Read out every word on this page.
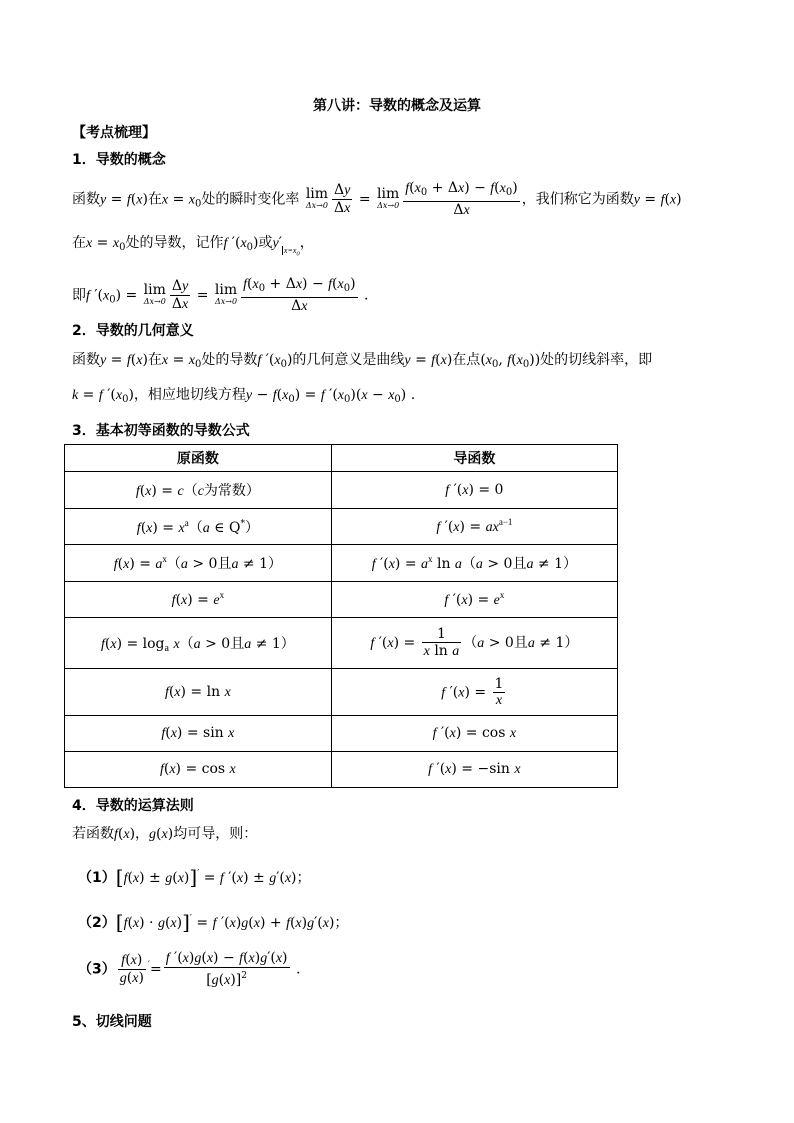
第八讲：导数的概念及运算
【考点梳理】
1．导数的概念
函数y = f(x)在$x = x_0$处的瞬时变化率 lim
$\Delta x\to 0 \frac{\Delta y}{\Delta x} = \lim$
$\Delta x\to 0 \frac{f(x_0 + \Delta x) - f(x_0)}{\Delta x}$ ，我们称它为函数y = f(x)
在$x = x_0$处的导数，记作f $'(x_0)$或y′ $_{x=x_0}$，
即f $'(x_0) = \lim$
$\Delta x\to 0 \frac{\Delta y}{\Delta x} = \lim$
$\Delta x\to 0 \frac{f(x_0 + \Delta x) - f(x_0)}{\Delta x}$ .
2．导数的几何意义
函数y = f(x)在$x = x_0$处的导数f $'(x_0)$的几何意义是曲线y = f(x)在点($x_0$, $f(x_0)$)处的切线斜率，即
k = f $'(x_0)$，相应地切线方程$y - f(x_0) = f$ $'(x_0)(x - x_0)$ .
3．基本初等函数的导数公式
原函数	导函数
f(x) = c（c为常数）	f ′(x) = 0
$f(x) = x^a(a$ ∈ Q*）	f $'(x) = ax^{a-1}$
$f(x) = a^x(a > 0$且a ≠ 1）	f $'(x) = a^x$ ln a（a > 0且a ≠ 1）
$f(x) = e^x$	f $'(x) = e^x$
$f(x) = \log_a x(a > 0$且a ≠ 1）	f $'(x) = \frac{1}{\text{x ln a}} (a > 0$且a ≠ 1）
f(x) = ln x	f $'(x) = \frac{1}{x}$

f(x) = sin x	f ′(x) = cos x
f(x) = cos x	f ′(x) = −sin x
4．导数的运算法则
若函数f(x)，g(x)均可导，则：
（1）[f(x) ± g(x)]′ = f ′(x) ± g′(x)；
（2）[f(x) · g(x)]′ = f ′(x)g(x) + f(x)g′(x)；
$(3) \frac{f(x)}{g(x)} '= \frac{f '(x)g(x) - f(x)g'(x)}{[g(x)]^2}$ .
5、切线问题
